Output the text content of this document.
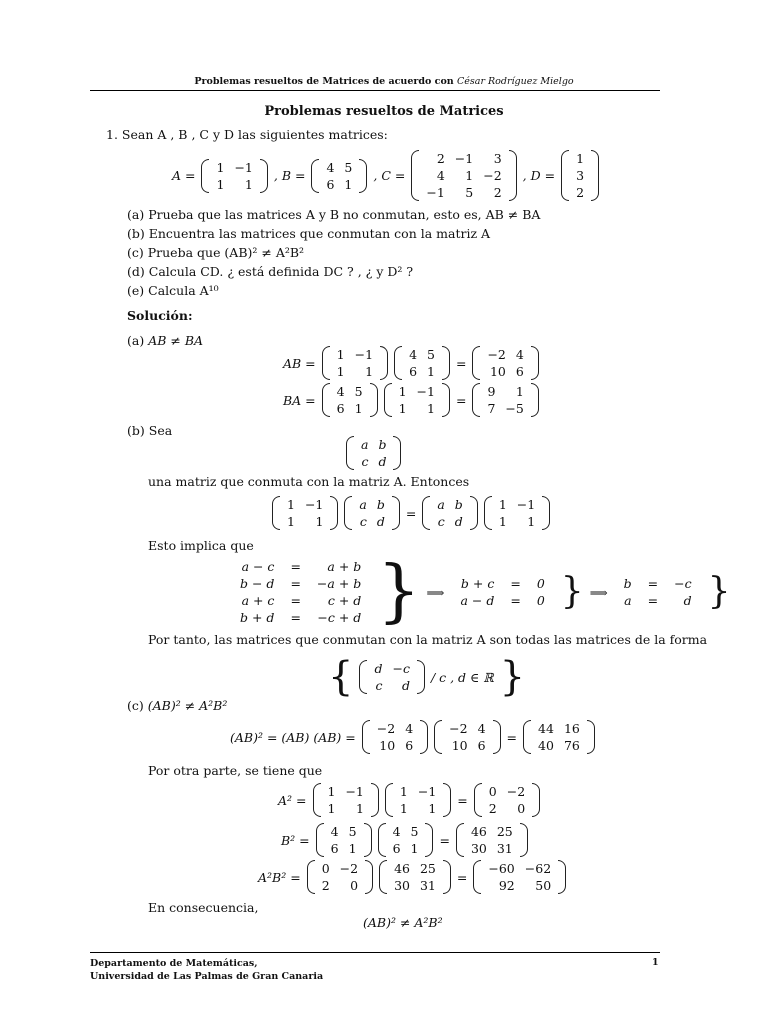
Problemas resueltos de Matrices de acuerdo con César Rodríguez Mielgo
Problemas resueltos de Matrices
1. Sean A , B , C y D las siguientes matrices:
A =
1	−1
1	1
, B =
4	5
6	1
, C =
2	−1	3
4	1	−2
−1	5	2
, D =
1
3
2
(a) Prueba que las matrices A y B no conmutan, esto es, AB ≠ BA
(b) Encuentra las matrices que conmutan con la matriz A
(c) Prueba que (AB)² ≠ A²B²
(d) Calcula CD. ¿ está definida DC ? , ¿ y D² ?
(e) Calcula A¹⁰
Solución:
(a) AB ≠ BA
AB =
1	−1
1	1
4	5
6	1
=
−2	4
10	6
BA =
4	5
6	1
1	−1
1	1
=
9	1
7	−5
(b) Sea
a	b
c	d
una matriz que conmuta con la matriz A. Entonces
1	−1
1	1
a	b
c	d
=
a	b
c	d
1	−1
1	1
Esto implica que
a − c	=	a + b
b − d	=	−a + b
a + c	=	c + d
b + d	=	−c + d } ⟹
b + c	=	0
a − d	=	0 } ⟹
b	=	−c
a	=	d }
Por tanto, las matrices que conmutan con la matriz A son todas las matrices de la forma
{ d	−c
c	d
/ c , d ∈ ℝ }
(c) (AB)² ≠ A²B²
(AB)² = (AB) (AB) =
−2	4
10	6
−2	4
10	6
=
44	16
40	76
Por otra parte, se tiene que
A² =
1	−1
1	1
1	−1
1	1
=
0	−2
2	0
B² =
4	5
6	1
4	5
6	1
=
46	25
30	31
A²B² =
0	−2
2	0
46	25
30	31
=
−60	−62
92	50
En consecuencia,
(AB)² ≠ A²B²
Departamento de Matemáticas,
Universidad de Las Palmas de Gran Canaria
1
